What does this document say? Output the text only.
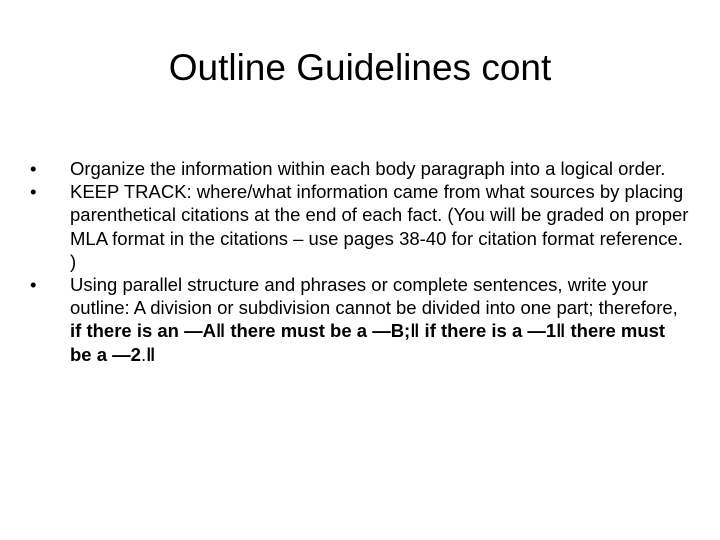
Outline Guidelines cont
•	Organize the information within each body paragraph into a logical order.
•	KEEP TRACK: where/what information came from what sources by placing parenthetical citations at the end of each fact. (You will be graded on proper MLA format in the citations – use pages 38-40 for citation format reference. )
•	Using parallel structure and phrases or complete sentences, write your outline: A division or subdivision cannot be divided into one part; therefore, if there is an ―A‖ there must be a ―B;‖ if there is a ―1‖ there must be a ―2.‖
